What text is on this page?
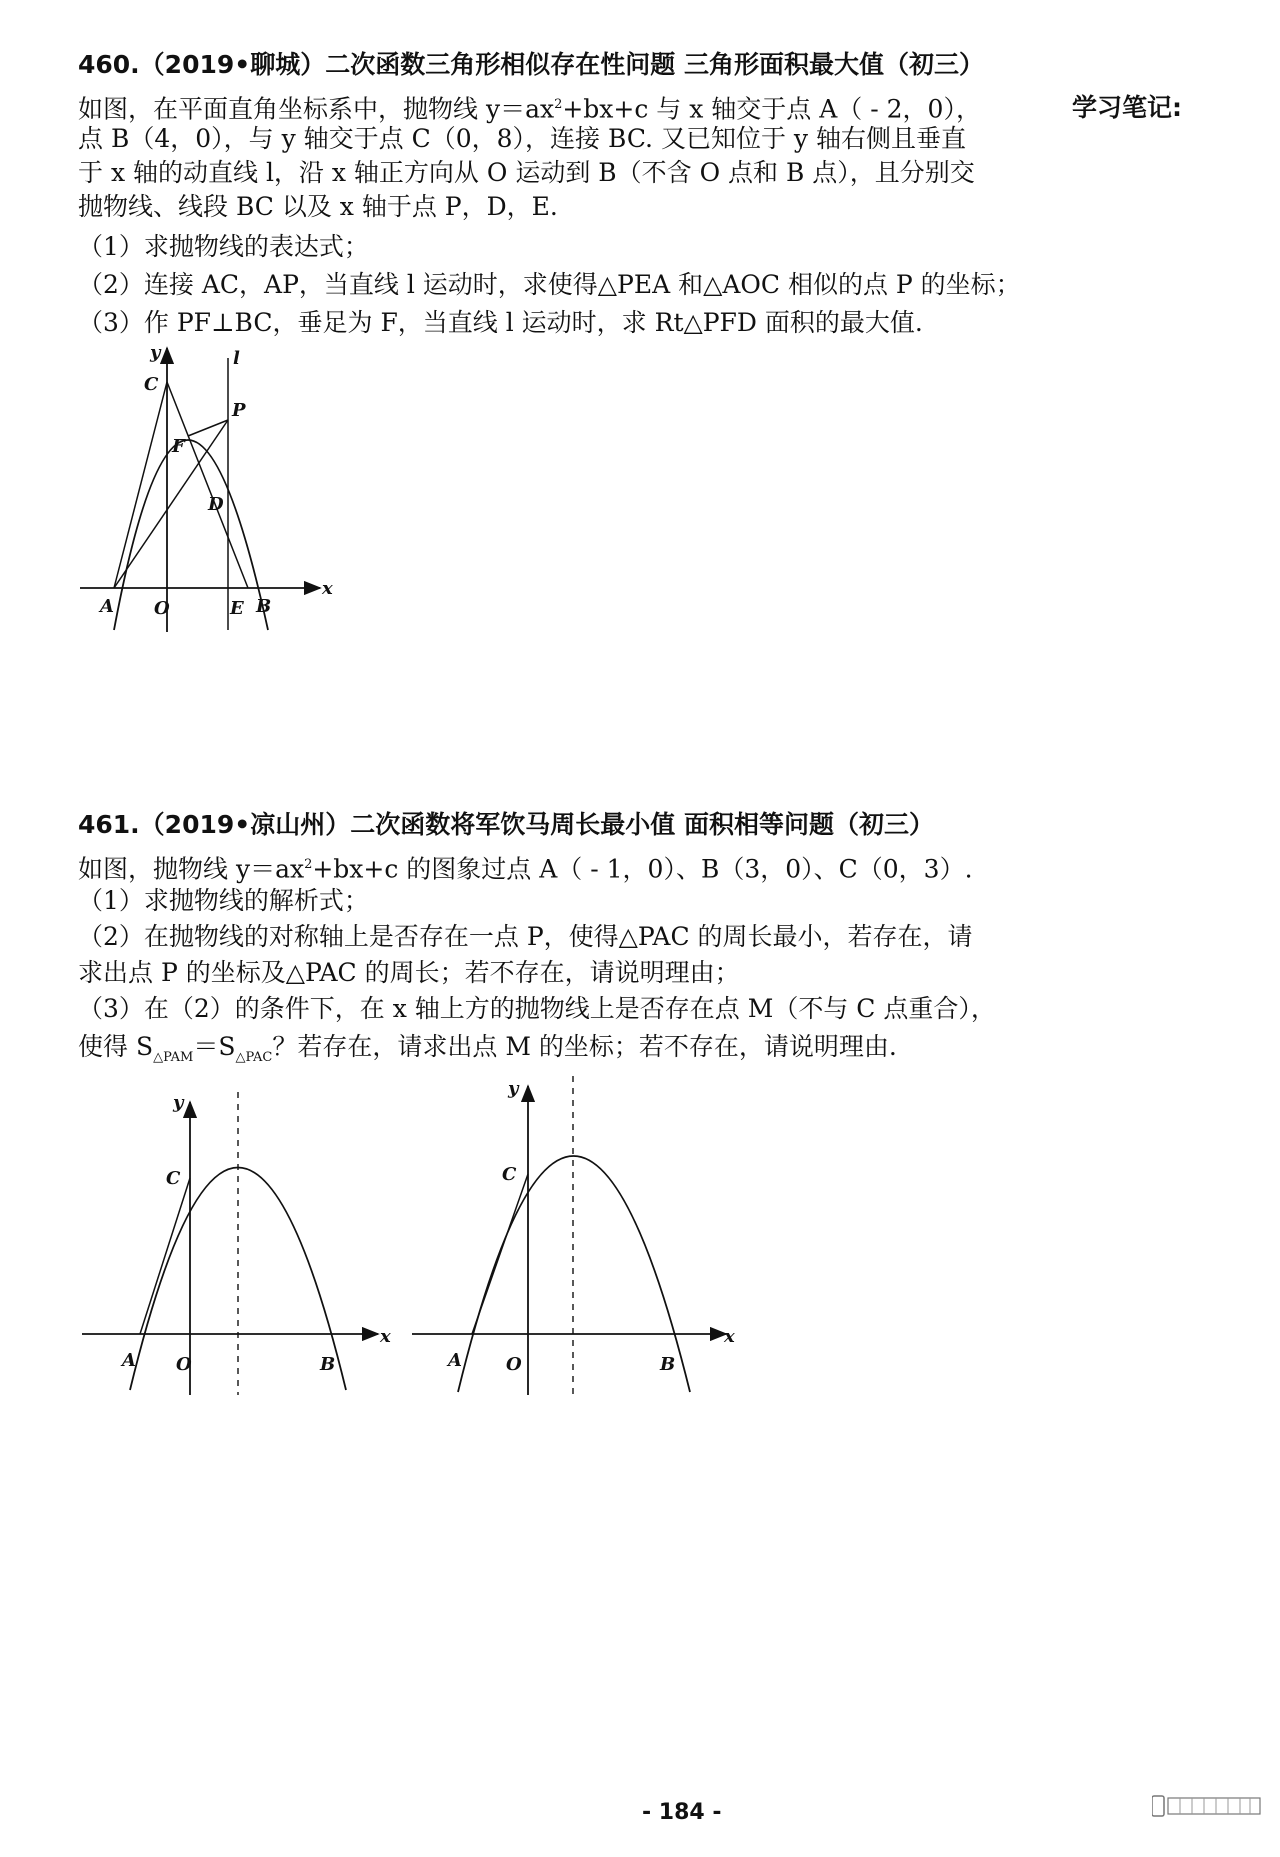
460.（2019•聊城）二次函数三角形相似存在性问题 三角形面积最大值（初三）
学习笔记:
如图，在平面直角坐标系中，抛物线 $y=ax^2+bx+c$ 与 x 轴交于点 A（ - 2，0），
点 B（4，0），与 y 轴交于点 C（0，8），连接 BC. 又已知位于 y 轴右侧且垂直
于 x 轴的动直线 l，沿 x 轴正方向从 O 运动到 B（不含 O 点和 B 点），且分别交
抛物线、线段 BC 以及 x 轴于点 P，D，E.
（1）求抛物线的表达式；
（2）连接 AC，AP，当直线 l 运动时，求使得△PEA 和△AOC 相似的点 P 的坐标；
（3）作 PF⊥BC，垂足为 F，当直线 l 运动时，求 Rt△PFD 面积的最大值.
y	l
C
P
F
D
A O	E B
x
461.（2019•凉山州）二次函数将军饮马周长最小值 面积相等问题（初三）
如图，抛物线 $y=ax^2+bx+c$ 的图象过点 A（ - 1，0）、B（3，0）、C（0，3）.
（1）求抛物线的解析式；
（2）在抛物线的对称轴上是否存在一点 P，使得△PAC 的周长最小，若存在，请
求出点 P 的坐标及△PAC 的周长；若不存在，请说明理由；
（3）在（2）的条件下，在 x 轴上方的抛物线上是否存在点 M（不与 C 点重合），
使得 $S_{\triangle PAM}=S_{\triangle PAC}$？若存在，请求出点 M 的坐标；若不存在，请说明理由.
y
C
A O	B
x
y
C
A O	B
x
- 184 -
